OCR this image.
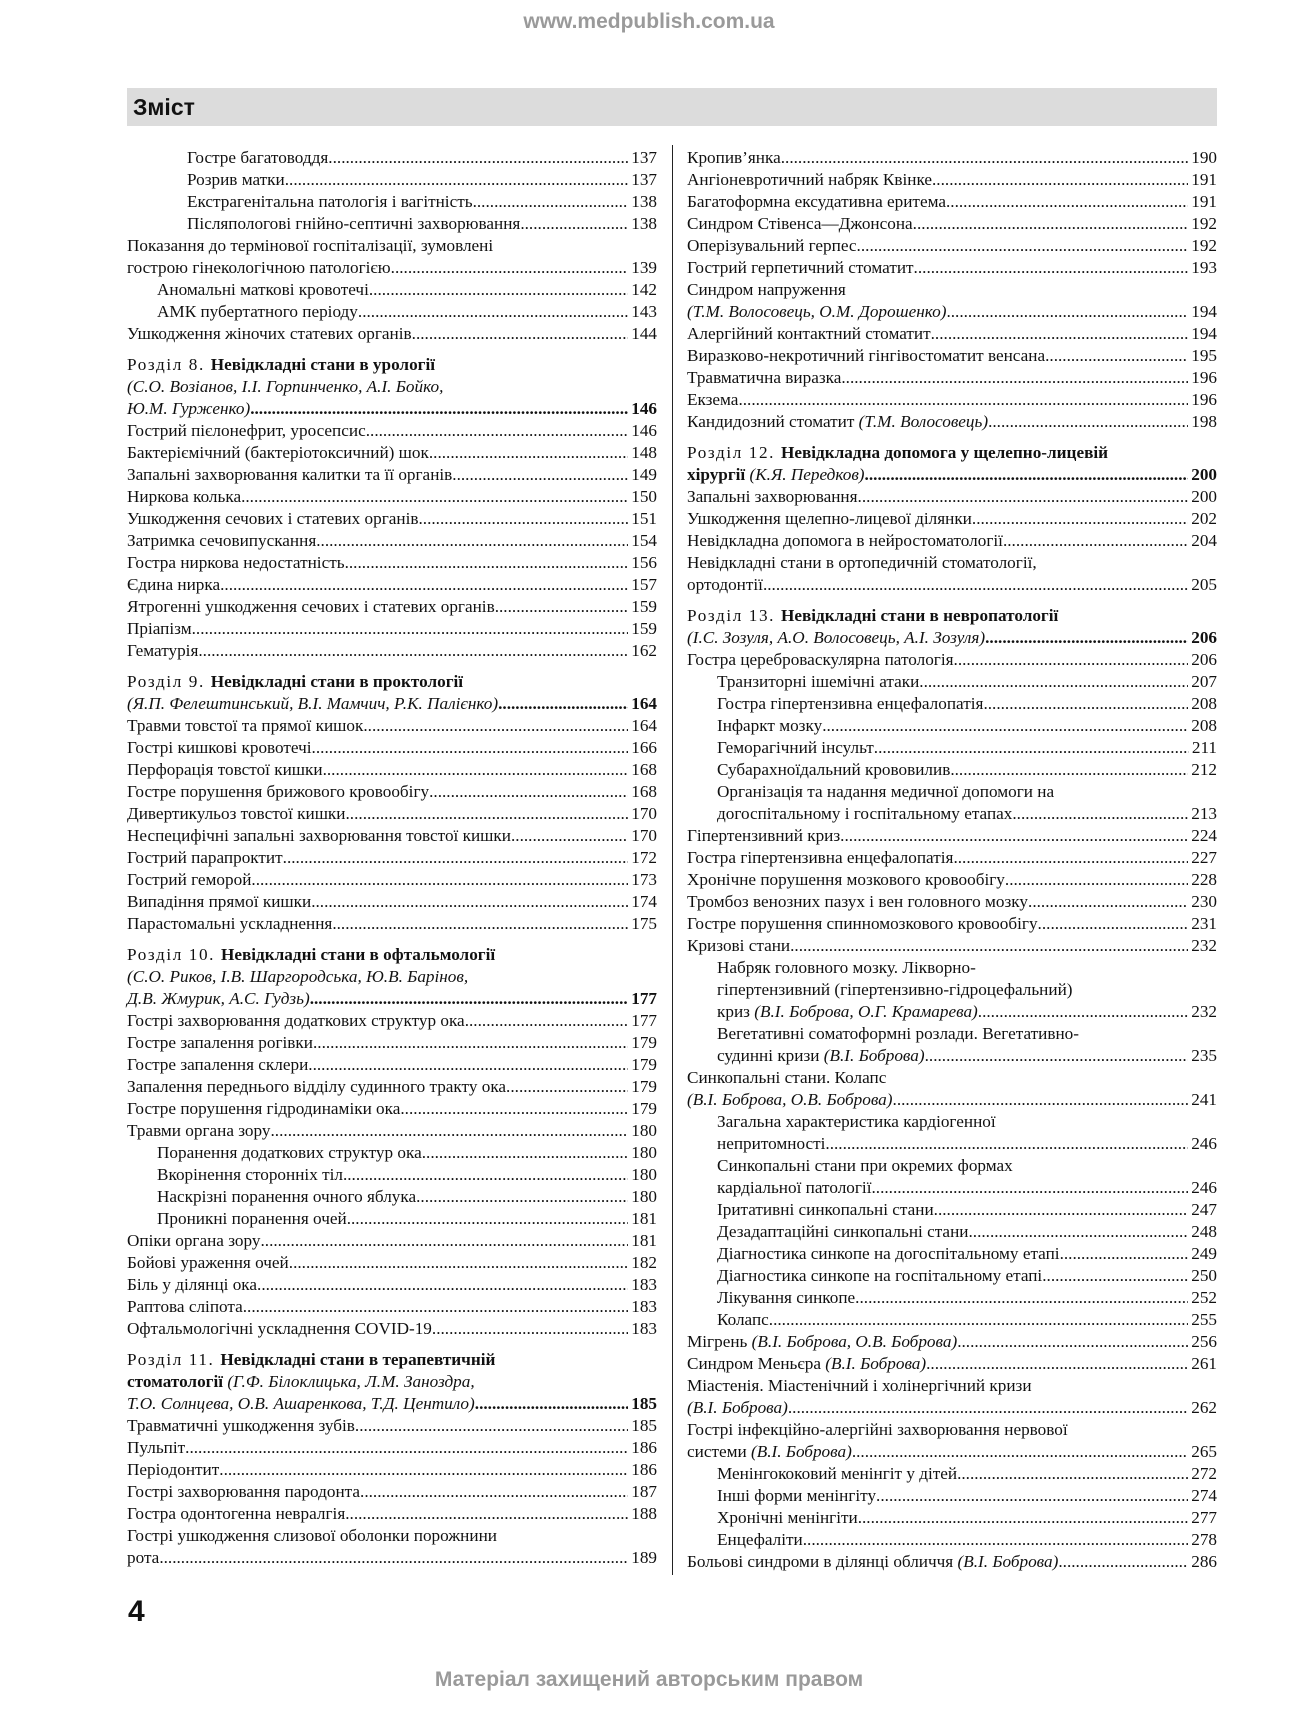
www.medpublish.com.ua
Зміст
Гостре багатоводдя .....	137
Розрив матки .....	137
Екстрагенітальна патологія і вагітність .....	138
Післяпологові гнійно-септичні захворювання .....	138
Показання до термінової госпіталізації, зумовлені
гострою гінекологічною патологією .....	139
Аномальні маткові кровотечі .....	142
АМК пубертатного періоду .....	143
Ушкодження жіночих статевих органів .....	144
Розділ 8. Невідкладні стани в урології
(С.О. Возіанов, І.І. Горпинченко, А.І. Бойко,
Ю.М. Гурженко) .....	146
Гострий пієлонефрит, уросепсис .....	146
Бактеріємічний (бактеріотоксичний) шок .....	148
Запальні захворювання калитки та її органів .....	149
Ниркова колька .....	150
Ушкодження сечових і статевих органів .....	151
Затримка сечовипускання .....	154
Гостра ниркова недостатність .....	156
Єдина нирка .....	157
Ятрогенні ушкодження сечових і статевих органів .....	159
Пріапізм .....	159
Гематурія .....	162
Розділ 9. Невідкладні стани в проктології
(Я.П. Фелештинський, В.І. Мамчич, Р.К. Палієнко) .....	164
Травми товстої та прямої кишок .....	164
Гострі кишкові кровотечі .....	166
Перфорація товстої кишки .....	168
Гостре порушення брижового кровообігу .....	168
Дивертикульоз товстої кишки .....	170
Неспецифічні запальні захворювання товстої кишки .....	170
Гострий парапроктит .....	172
Гострий геморой .....	173
Випадіння прямої кишки .....	174
Парастомальні ускладнення .....	175
Розділ 10. Невідкладні стани в офтальмології
(С.О. Риков, І.В. Шаргородська, Ю.В. Барінов,
Д.В. Жмурик, А.С. Гудзь) .....	177
Гострі захворювання додаткових структур ока .....	177
Гостре запалення рогівки .....	179
Гостре запалення склери .....	179
Запалення переднього відділу судинного тракту ока .....	179
Гостре порушення гідродинаміки ока .....	179
Травми органа зору .....	180
Поранення додаткових структур ока .....	180
Вкорінення сторонніх тіл .....	180
Наскрізні поранення очного яблука .....	180
Проникні поранення очей .....	181
Опіки органа зору .....	181
Бойові ураження очей .....	182
Біль у ділянці ока .....	183
Раптова сліпота .....	183
Офтальмологічні ускладнення COVID-19 .....	183
Розділ 11. Невідкладні стани в терапевтичній
стоматології (Г.Ф. Білоклицька, Л.М. Заноздра,
Т.О. Солнцева, О.В. Ашаренкова, Т.Д. Центило) .....	185
Травматичні ушкодження зубів .....	185
Пульпіт .....	186
Періодонтит .....	186
Гострі захворювання пародонта .....	187
Гостра одонтогенна невралгія .....	188
Гострі ушкодження слизової оболонки порожнини
рота .....	189
Кропив’янка .....	190
Ангіоневротичний набряк Квінке .....	191
Багатоформна ексудативна еритема .....	191
Синдром Стівенса—Джонсона .....	192
Оперізувальний герпес .....	192
Гострий герпетичний стоматит .....	193
Синдром напруження
(Т.М. Волосовець, О.М. Дорошенко) .....	194
Алергійний контактний стоматит .....	194
Виразково-некротичний гінгівостоматит венсана .....	195
Травматична виразка .....	196
Екзема .....	196
Кандидозний стоматит (Т.М. Волосовець) .....	198
Розділ 12. Невідкладна допомога у щелепно-лицевій
хірургії (К.Я. Передков) .....	200
Запальні захворювання .....	200
Ушкодження щелепно-лицевої ділянки .....	202
Невідкладна допомога в нейростоматології .....	204
Невідкладні стани в ортопедичній стоматології,
ортодонтії .....	205
Розділ 13. Невідкладні стани в невропатології
(І.С. Зозуля, А.О. Волосовець, А.І. Зозуля) .....	206
Гостра цереброваскулярна патологія .....	206
Транзиторні ішемічні атаки .....	207
Гостра гіпертензивна енцефалопатія .....	208
Інфаркт мозку .....	208
Геморагічний інсульт .....	211
Субарахноїдальний крововилив .....	212
Організація та надання медичної допомоги на
догоспітальному і госпітальному етапах .....	213
Гіпертензивний криз .....	224
Гостра гіпертензивна енцефалопатія .....	227
Хронічне порушення мозкового кровообігу .....	228
Тромбоз венозних пазух і вен головного мозку .....	230
Гостре порушення спинномозкового кровообігу .....	231
Кризові стани .....	232
Набряк головного мозку. Лікворно-
гіпертензивний (гіпертензивно-гідроцефальний)
криз (В.І. Боброва, О.Г. Крамарева) .....	232
Вегетативні соматоформні розлади. Вегетативно-
судинні кризи (В.І. Боброва) .....	235
Синкопальні стани. Колапс
(В.І. Боброва, О.В. Боброва) .....	241
Загальна характеристика кардіогенної
непритомності .....	246
Синкопальні стани при окремих формах
кардіальної патології .....	246
Іритативні синкопальні стани .....	247
Дезадаптаційні синкопальні стани .....	248
Діагностика синкопе на догоспітальному етапі .....	249
Діагностика синкопе на госпітальному етапі .....	250
Лікування синкопе .....	252
Колапс .....	255
Мігрень (В.І. Боброва, О.В. Боброва) .....	256
Синдром Меньєра (В.І. Боброва) .....	261
Міастенія. Міастенічний і холінергічний кризи
(В.І. Боброва) .....	262
Гострі інфекційно-алергійні захворювання нервової
системи (В.І. Боброва) .....	265
Менінгококовий менінгіт у дітей .....	272
Інші форми менінгіту .....	274
Хронічні менінгіти .....	277
Енцефаліти .....	278
Больові синдроми в ділянці обличчя (В.І. Боброва) .....	286
4
Матеріал захищений авторським правом
